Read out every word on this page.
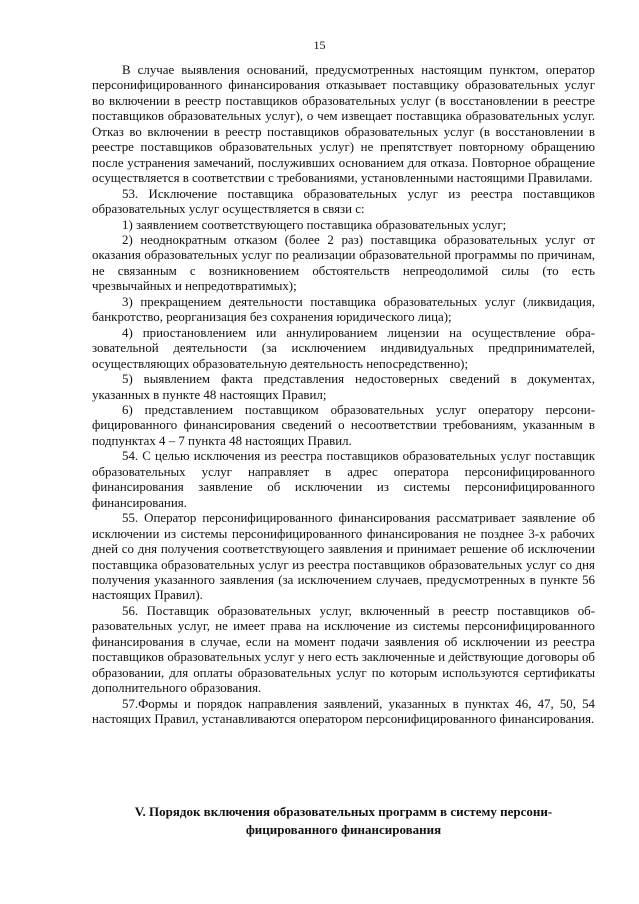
15

В случае выявления оснований, предусмотренных настоящим пунктом, оператор персонифицированного финансирования отказывает поставщику образовательных услуг во включении в реестр поставщиков образовательных услуг (в восстановлении в реестре поставщиков образовательных услуг), о чем извещает поставщика образовательных услуг. Отказ во включении в реестр поставщиков образовательных услуг (в восстановлении в реестре поставщиков образовательных услуг) не препятствует повторному обращению после устранения замечаний, послуживших основанием для отказа. Повторное обращение осуществляется в соответствии с требованиями, установленными настоящими Правилами.

53. Исключение поставщика образовательных услуг из реестра поставщиков образовательных услуг осуществляется в связи с:

1) заявлением соответствующего поставщика образовательных услуг;

2) неоднократным отказом (более 2 раз) поставщика образовательных услуг от оказания образовательных услуг по реализации образовательной программы по причинам, не связанным с возникновением обстоятельств непреодолимой силы (то есть чрезвычайных и непредотвратимых);

3) прекращением деятельности поставщика образовательных услуг (ликвидация, банкротство, реорганизация без сохранения юридического лица);

4) приостановлением или аннулированием лицензии на осуществление образовательной деятельности (за исключением индивидуальных предпринимателей, осуществляющих образовательную деятельность непосредственно);

5) выявлением факта представления недостоверных сведений в документах, указанных в пункте 48 настоящих Правил;

6) представлением поставщиком образовательных услуг оператору персонифицированного финансирования сведений о несоответствии требованиям, указанным в подпунктах 4 – 7 пункта 48 настоящих Правил.

54. С целью исключения из реестра поставщиков образовательных услуг поставщик образовательных услуг направляет в адрес оператора персонифицированного финансирования заявление об исключении из системы персонифицированного финансирования.

55. Оператор персонифицированного финансирования рассматривает заявление об исключении из системы персонифицированного финансирования не позднее 3-х рабочих дней со дня получения соответствующего заявления и принимает решение об исключении поставщика образовательных услуг из реестра поставщиков образовательных услуг со дня получения указанного заявления (за исключением случаев, предусмотренных в пункте 56 настоящих Правил).

56. Поставщик образовательных услуг, включенный в реестр поставщиков образовательных услуг, не имеет права на исключение из системы персонифицированного финансирования в случае, если на момент подачи заявления об исключении из реестра поставщиков образовательных услуг у него есть заключенные и действующие договоры об образовании, для оплаты образовательных услуг по которым используются сертификаты дополнительного образования.

57.Формы и порядок направления заявлений, указанных в пунктах 46, 47, 50, 54 настоящих Правил, устанавливаются оператором персонифицированного финансирования.

V. Порядок включения образовательных программ в систему персонифицированного финансирования
